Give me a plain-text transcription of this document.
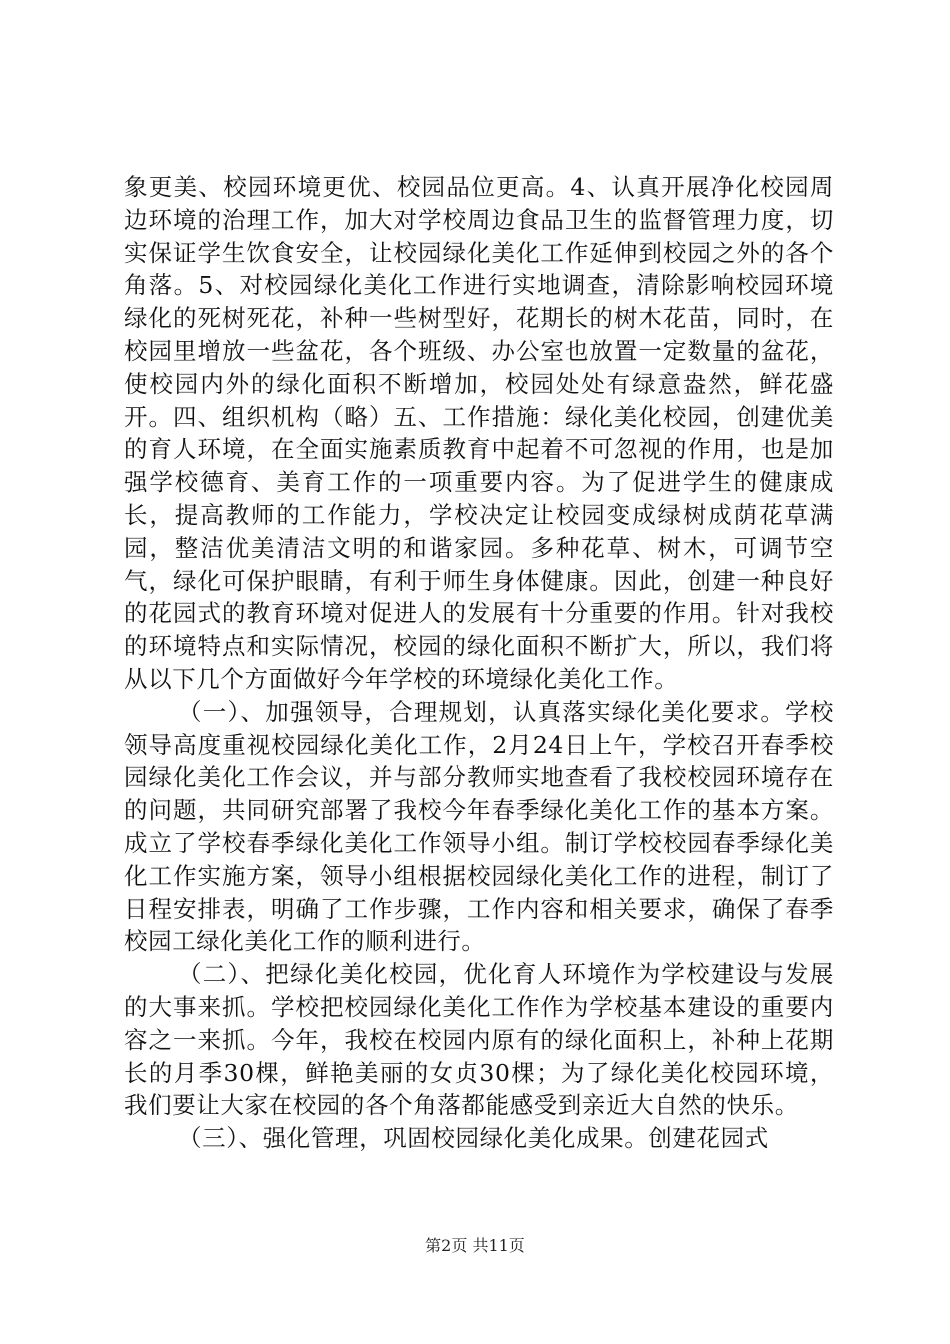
象更美、校园环境更优、校园品位更高。4、认真开展净化校园周边环境的治理工作，加大对学校周边食品卫生的监督管理力度，切实保证学生饮食安全，让校园绿化美化工作延伸到校园之外的各个角落。5、对校园绿化美化工作进行实地调查，清除影响校园环境绿化的死树死花，补种一些树型好，花期长的树木花苗，同时，在校园里增放一些盆花，各个班级、办公室也放置一定数量的盆花，使校园内外的绿化面积不断增加，校园处处有绿意盎然，鲜花盛开。四、组织机构（略）五、工作措施：绿化美化校园，创建优美的育人环境，在全面实施素质教育中起着不可忽视的作用，也是加强学校德育、美育工作的一项重要内容。为了促进学生的健康成长，提高教师的工作能力，学校决定让校园变成绿树成荫花草满园，整洁优美清洁文明的和谐家园。多种花草、树木，可调节空气，绿化可保护眼睛，有利于师生身体健康。因此，创建一种良好的花园式的教育环境对促进人的发展有十分重要的作用。针对我校的环境特点和实际情况，校园的绿化面积不断扩大，所以，我们将从以下几个方面做好今年学校的环境绿化美化工作。

（一）、加强领导，合理规划，认真落实绿化美化要求。学校领导高度重视校园绿化美化工作，2月24日上午，学校召开春季校园绿化美化工作会议，并与部分教师实地查看了我校校园环境存在的问题，共同研究部署了我校今年春季绿化美化工作的基本方案。成立了学校春季绿化美化工作领导小组。制订学校校园春季绿化美化工作实施方案，领导小组根据校园绿化美化工作的进程，制订了日程安排表，明确了工作步骤，工作内容和相关要求，确保了春季校园工绿化美化工作的顺利进行。

（二）、把绿化美化校园，优化育人环境作为学校建设与发展的大事来抓。学校把校园绿化美化工作作为学校基本建设的重要内容之一来抓。今年，我校在校园内原有的绿化面积上，补种上花期长的月季30棵，鲜艳美丽的女贞30棵；为了绿化美化校园环境，我们要让大家在校园的各个角落都能感受到亲近大自然的快乐。

（三）、强化管理，巩固校园绿化美化成果。创建花园式

第2页 共11页
